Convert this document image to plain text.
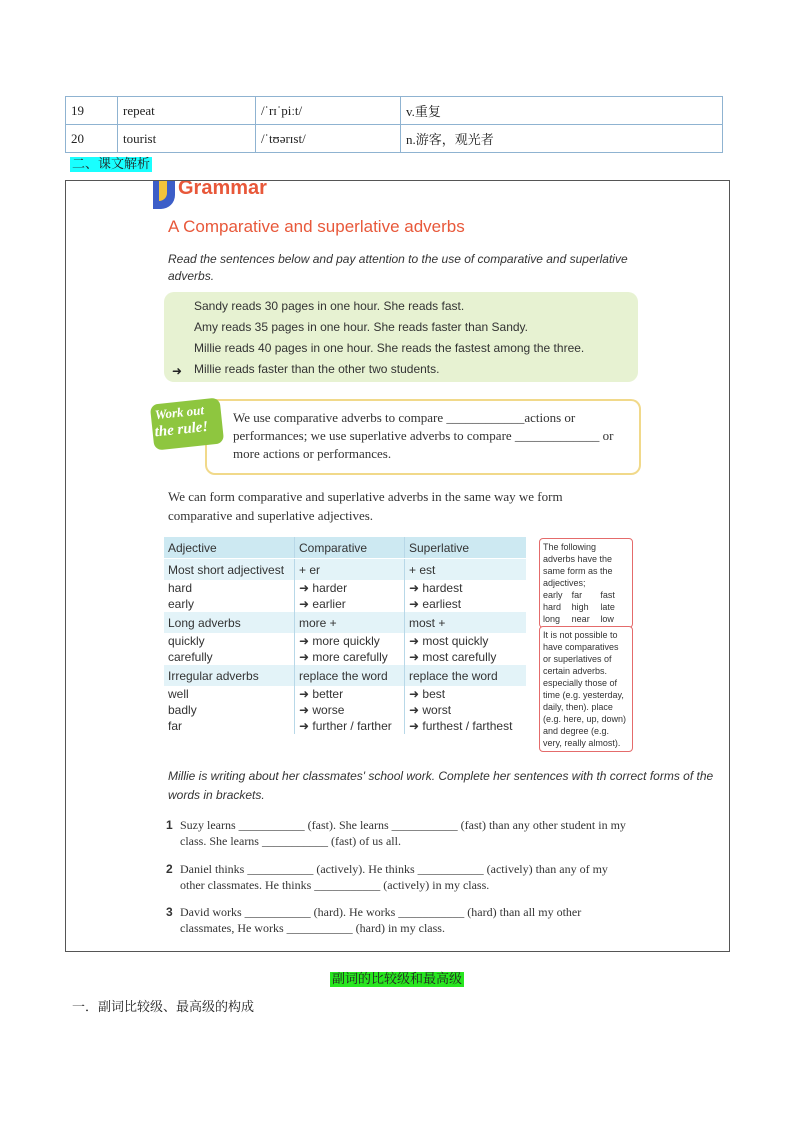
19	repeat	/ˈrɪˈpiːt/	v.重复
20	tourist	/ˈtʊərɪst/	n.游客，观光者
二、课文解析
Grammar
A Comparative and superlative adverbs
Read the sentences below and pay attention to the use of comparative and superlative adverbs.
Sandy reads 30 pages in one hour. She reads fast.
Amy reads 35 pages in one hour. She reads faster than Sandy.
Millie reads 40 pages in one hour. She reads the fastest among the three.
➜ Millie reads faster than the other two students.
We use comparative adverbs to compare ____________actions or performances; we use superlative adverbs to compare _____________ or more actions or performances.
Work out
the rule!
We can form comparative and superlative adverbs in the same way we form comparative and superlative adjectives.
Adjective	Comparative	Superlative
Most short adjectivest	+ er	+ est
hard	➜ harder	➜ hardest
early	➜ earlier	➜ earliest
Long adverbs	more +	most +
quickly	➜ more quickly	➜ most quickly
carefully	➜ more carefully	➜ most carefully
Irregular adverbs	replace the word	replace the word
well	➜ better	➜ best
badly	➜ worse	➜ worst
far	➜ further / farther	➜ furthest / farthest
The following adverbs have the same form as the adjectives;
early	far	fast
hard	high	late
long	near	low
It is not possible to have comparatives or superlatives of certain adverbs. especially those of time (e.g. yesterday, daily, then). place (e.g. here, up, down) and degree (e.g. very, really almost).
Millie is writing about her classmates' school work. Complete her sentences with th correct forms of the words in brackets.
1 Suzy learns ___________ (fast). She learns ___________ (fast) than any other student in my class. She learns ___________ (fast) of us all.
2 Daniel thinks ___________ (actively). He thinks ___________ (actively) than any of my other classmates. He thinks ___________ (actively) in my class.
3 David works ___________ (hard). He works ___________ (hard) than all my other classmates, He works ___________ (hard) in my class.
副词的比较级和最高级
一．副词比较级、最高级的构成
